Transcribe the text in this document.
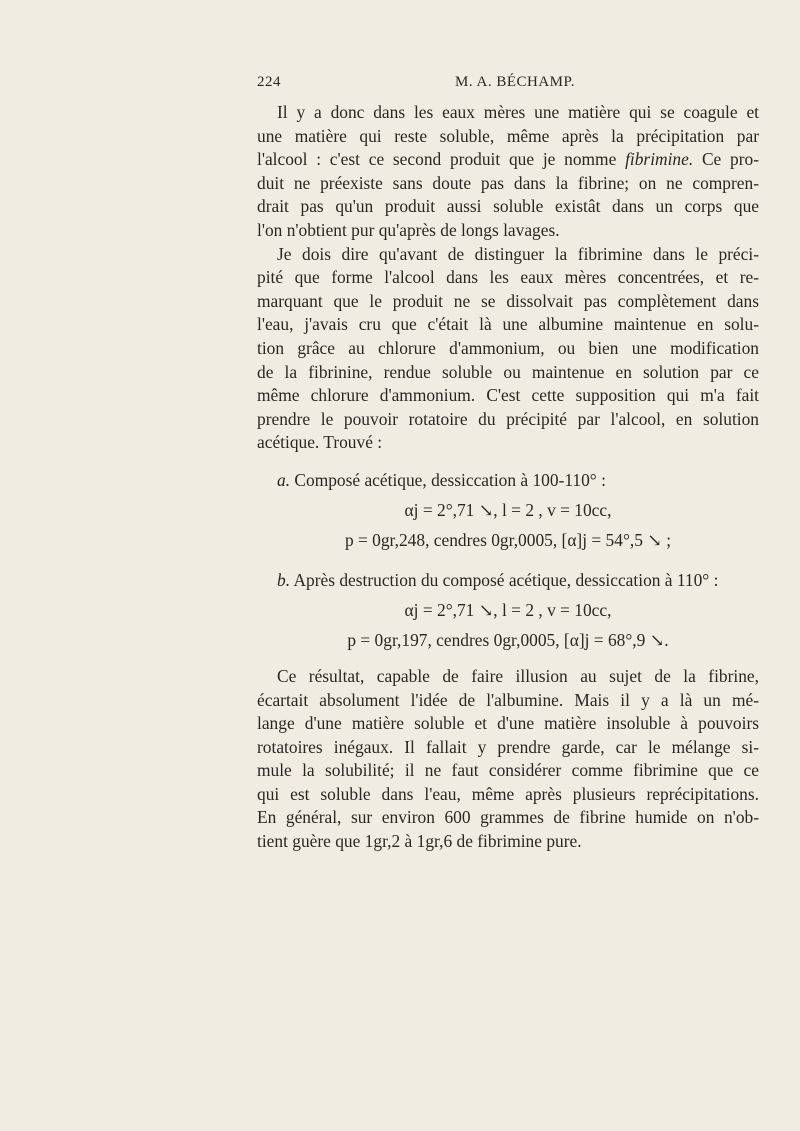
224	M. A. BÉCHAMP.
Il y a donc dans les eaux mères une matière qui se coagule et
une matière qui reste soluble, même après la précipitation par
l'alcool : c'est ce second produit que je nomme fibrimine. Ce pro-
duit ne préexiste sans doute pas dans la fibrine; on ne compren-
drait pas qu'un produit aussi soluble existât dans un corps que
l'on n'obtient pur qu'après de longs lavages.
Je dois dire qu'avant de distinguer la fibrimine dans le préci-
pité que forme l'alcool dans les eaux mères concentrées, et re-
marquant que le produit ne se dissolvait pas complètement dans
l'eau, j'avais cru que c'était là une albumine maintenue en solu-
tion grâce au chlorure d'ammonium, ou bien une modification
de la fibrinine, rendue soluble ou maintenue en solution par ce
même chlorure d'ammonium. C'est cette supposition qui m'a fait
prendre le pouvoir rotatoire du précipité par l'alcool, en solution
acétique. Trouvé :
a. Composé acétique, dessiccation à 100-110° :
αj = 2°,71 ↘, l = 2 , v = 10cc,
p = 0gr,248, cendres 0gr,0005, [α]j = 54°,5 ↘ ;
b. Après destruction du composé acétique, dessiccation à 110° :
αj = 2°,71 ↘, l = 2 , v = 10cc,
p = 0gr,197, cendres 0gr,0005, [α]j = 68°,9 ↘.
Ce résultat, capable de faire illusion au sujet de la fibrine,
écartait absolument l'idée de l'albumine. Mais il y a là un mé-
lange d'une matière soluble et d'une matière insoluble à pouvoirs
rotatoires inégaux. Il fallait y prendre garde, car le mélange si-
mule la solubilité; il ne faut considérer comme fibrimine que ce
qui est soluble dans l'eau, même après plusieurs reprécipitations.
En général, sur environ 600 grammes de fibrine humide on n'ob-
tient guère que 1gr,2 à 1gr,6 de fibrimine pure.
